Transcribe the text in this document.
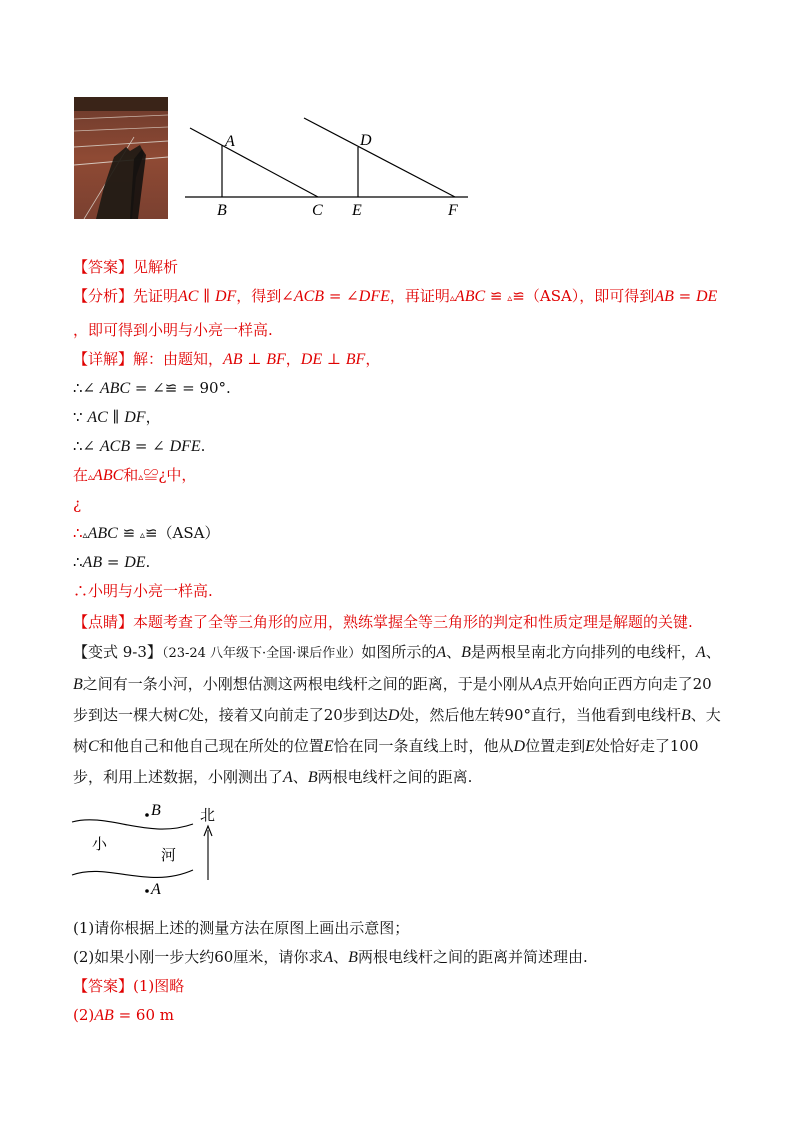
A
B	C
D
E	F
【答案】见解析
【分析】先证明AC ∥ DF，得到∠ACB = ∠DFE，再证明▵ABC ≌ ▵≌（ASA），即可得到AB = DE
，即可得到小明与小亮一样高.
【详解】解：由题知，AB ⊥ BF，DE ⊥ BF，
∴∠ ABC = ∠≌ = 90°.
∵ AC ∥ DF，
∴∠ ACB = ∠ DFE.
在▵ABC和▵≌¿中，
¿
∴▵ABC ≌ ▵≌（ASA）
∴AB = DE.
∴小明与小亮一样高.
【点睛】本题考查了全等三角形的应用，熟练掌握全等三角形的判定和性质定理是解题的关键.
【变式 9-3】（23-24 八年级下·全国·课后作业）如图所示的A、B是两根呈南北方向排列的电线杆，A、B之间有一条小河，小刚想估测这两根电线杆之间的距离，于是小刚从A点开始向正西方向走了20步到达一棵大树C处，接着又向前走了20步到达D处，然后他左转90°直行，当他看到电线杆B、大树C和他自己和他自己现在所处的位置E恰在同一条直线上时，他从D位置走到E处恰好走了100步，利用上述数据，小刚测出了A、B两根电线杆之间的距离.
B
A
小
河
北
(1)请你根据上述的测量方法在原图上画出示意图；
(2)如果小刚一步大约60厘米，请你求A、B两根电线杆之间的距离并简述理由.
【答案】(1)图略
(2)AB = 60 m
